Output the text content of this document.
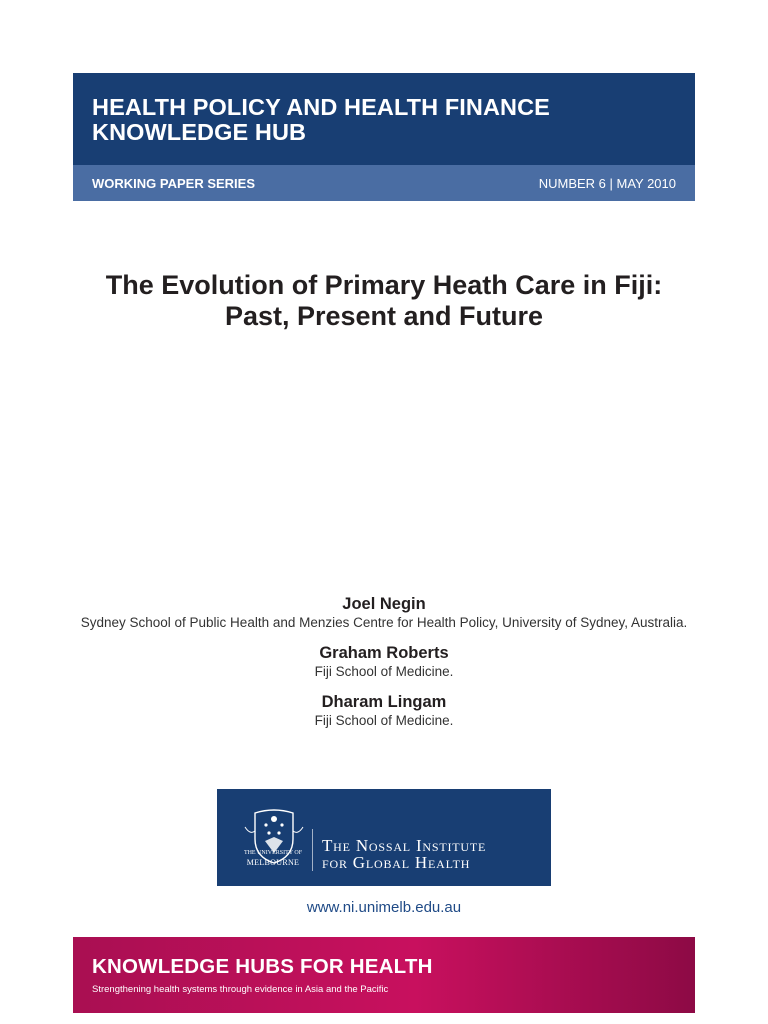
HEALTH POLICY AND HEALTH FINANCE
KNOWLEDGE HUB
WORKING PAPER SERIES	NUMBER 6 | MAY 2010
The Evolution of Primary Heath Care in Fiji:
Past, Present and Future
Joel Negin
Sydney School of Public Health and Menzies Centre for Health Policy, University of Sydney, Australia.
Graham Roberts
Fiji School of Medicine.
Dharam Lingam
Fiji School of Medicine.
THE UNIVERSITY OF
MELBOURNE
The Nossal Institute
for Global Health
www.ni.unimelb.edu.au
KNOWLEDGE HUBS FOR HEALTH
Strengthening health systems through evidence in Asia and the Pacific
